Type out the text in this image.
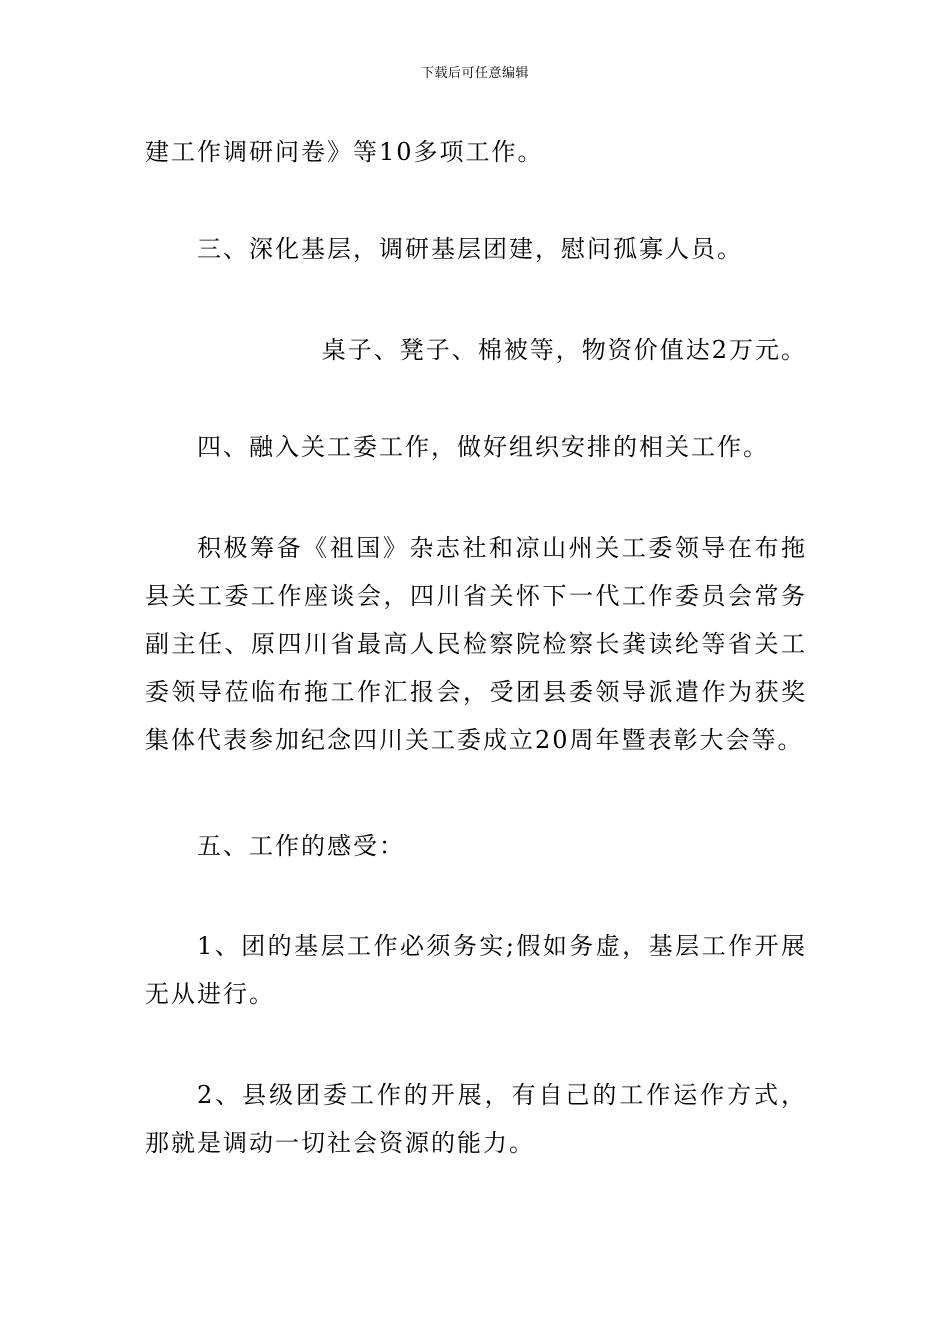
下载后可任意编辑

建工作调研问卷》等10多项工作。

三、深化基层，调研基层团建，慰问孤寡人员。

桌子、凳子、棉被等，物资价值达2万元。

四、融入关工委工作，做好组织安排的相关工作。

积极筹备《祖国》杂志社和凉山州关工委领导在布拖县关工委工作座谈会，四川省关怀下一代工作委员会常务副主任、原四川省最高人民检察院检察长龚读纶等省关工委领导莅临布拖工作汇报会，受团县委领导派遣作为获奖集体代表参加纪念四川关工委成立20周年暨表彰大会等。

五、工作的感受：

1、团的基层工作必须务实;假如务虚，基层工作开展无从进行。

2、县级团委工作的开展，有自己的工作运作方式，那就是调动一切社会资源的能力。
